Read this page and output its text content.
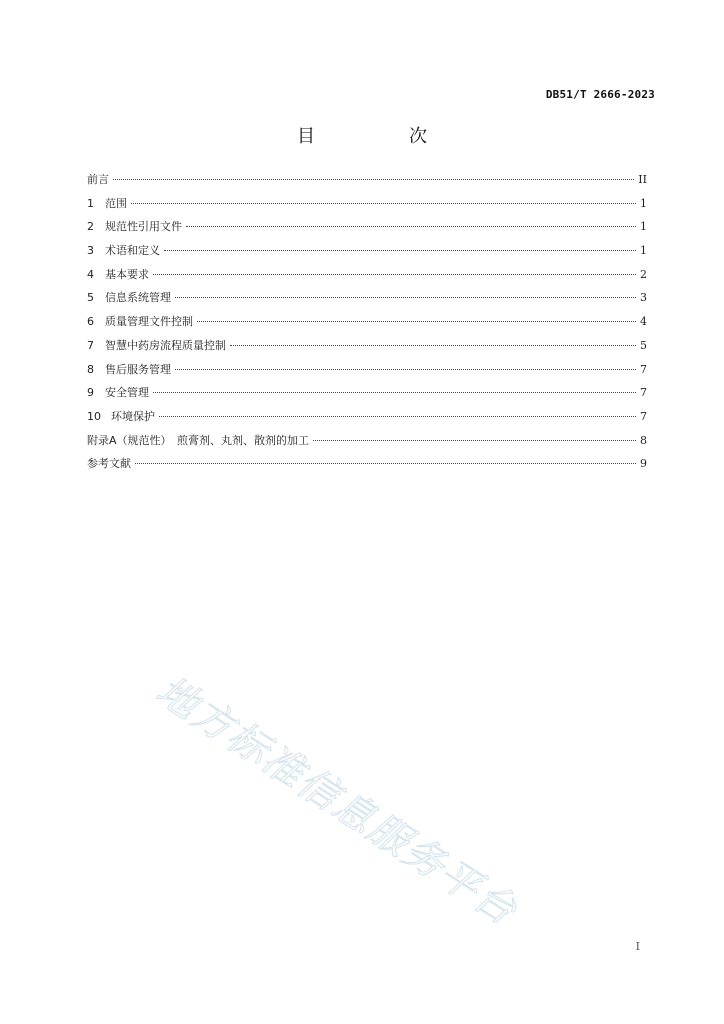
DB51/T 2666-2023
目　次
前言	II
1 范围	1
2 规范性引用文件	1
3 术语和定义	1
4 基本要求	2
5 信息系统管理	3
6 质量管理文件控制	4
7 智慧中药房流程质量控制	5
8 售后服务管理	7
9 安全管理	7
10 环境保护	7
附录A（规范性）　煎膏剂、丸剂、散剂的加工	8
参考文献	9
地方标准信息服务平台
I
